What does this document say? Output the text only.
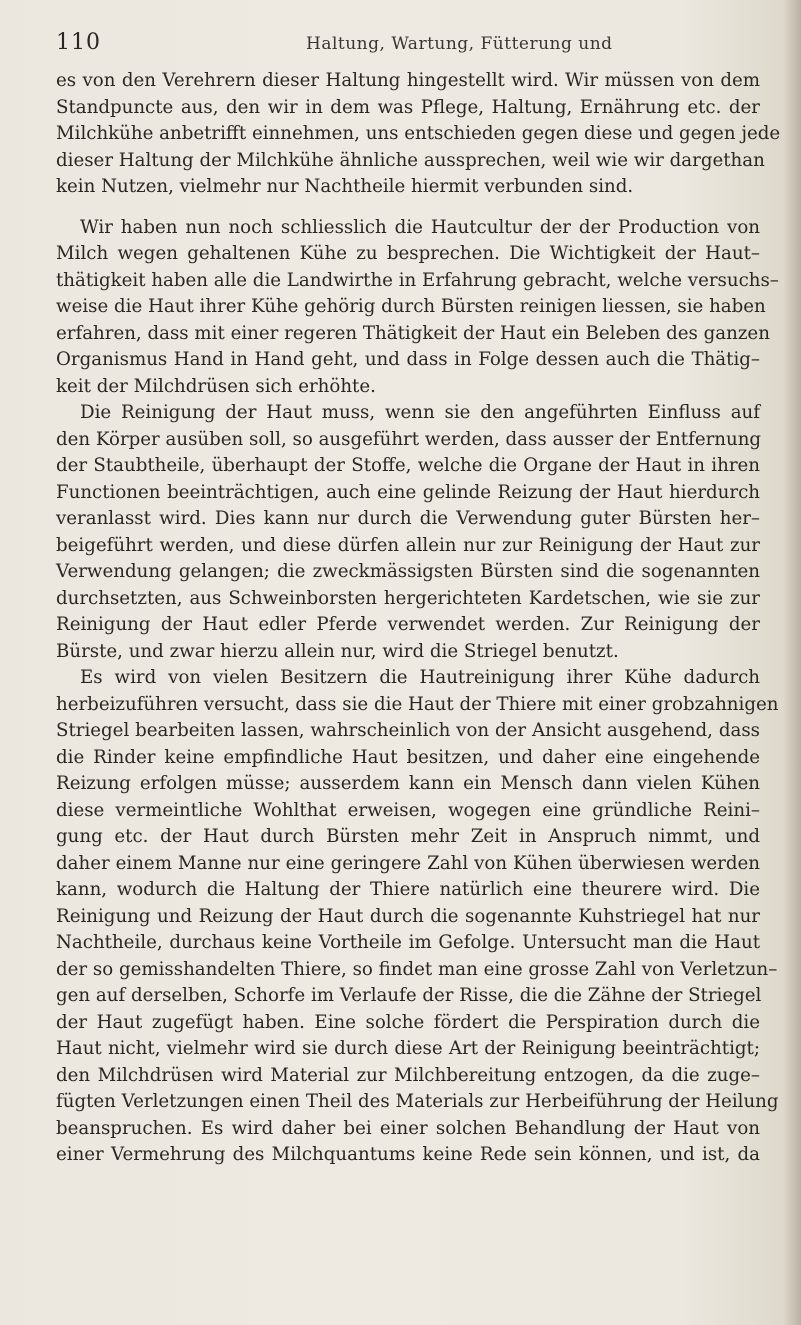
110	Haltung, Wartung, Fütterung und
es von den Verehrern dieser Haltung hingestellt wird. Wir müssen von dem
Standpuncte aus, den wir in dem was Pflege, Haltung, Ernährung etc. der
Milchkühe anbetrifft einnehmen, uns entschieden gegen diese und gegen jede
dieser Haltung der Milchkühe ähnliche aussprechen, weil wie wir dargethan
kein Nutzen, vielmehr nur Nachtheile hiermit verbunden sind.
Wir haben nun noch schliesslich die Hautcultur der der Production von
Milch wegen gehaltenen Kühe zu besprechen. Die Wichtigkeit der Haut–
thätigkeit haben alle die Landwirthe in Erfahrung gebracht, welche versuchs–
weise die Haut ihrer Kühe gehörig durch Bürsten reinigen liessen, sie haben
erfahren, dass mit einer regeren Thätigkeit der Haut ein Beleben des ganzen
Organismus Hand in Hand geht, und dass in Folge dessen auch die Thätig–
keit der Milchdrüsen sich erhöhte.
Die Reinigung der Haut muss, wenn sie den angeführten Einfluss auf
den Körper ausüben soll, so ausgeführt werden, dass ausser der Entfernung
der Staubtheile, überhaupt der Stoffe, welche die Organe der Haut in ihren
Functionen beeinträchtigen, auch eine gelinde Reizung der Haut hierdurch
veranlasst wird. Dies kann nur durch die Verwendung guter Bürsten her–
beigeführt werden, und diese dürfen allein nur zur Reinigung der Haut zur
Verwendung gelangen; die zweckmässigsten Bürsten sind die sogenannten
durchsetzten, aus Schweinborsten hergerichteten Kardetschen, wie sie zur
Reinigung der Haut edler Pferde verwendet werden. Zur Reinigung der
Bürste, und zwar hierzu allein nur, wird die Striegel benutzt.
Es wird von vielen Besitzern die Hautreinigung ihrer Kühe dadurch
herbeizuführen versucht, dass sie die Haut der Thiere mit einer grobzahnigen
Striegel bearbeiten lassen, wahrscheinlich von der Ansicht ausgehend, dass
die Rinder keine empfindliche Haut besitzen, und daher eine eingehende
Reizung erfolgen müsse; ausserdem kann ein Mensch dann vielen Kühen
diese vermeintliche Wohlthat erweisen, wogegen eine gründliche Reini–
gung etc. der Haut durch Bürsten mehr Zeit in Anspruch nimmt, und
daher einem Manne nur eine geringere Zahl von Kühen überwiesen werden
kann, wodurch die Haltung der Thiere natürlich eine theurere wird. Die
Reinigung und Reizung der Haut durch die sogenannte Kuhstriegel hat nur
Nachtheile, durchaus keine Vortheile im Gefolge. Untersucht man die Haut
der so gemisshandelten Thiere, so findet man eine grosse Zahl von Verletzun–
gen auf derselben, Schorfe im Verlaufe der Risse, die die Zähne der Striegel
der Haut zugefügt haben. Eine solche fördert die Perspiration durch die
Haut nicht, vielmehr wird sie durch diese Art der Reinigung beeinträchtigt;
den Milchdrüsen wird Material zur Milchbereitung entzogen, da die zuge–
fügten Verletzungen einen Theil des Materials zur Herbeiführung der Heilung
beanspruchen. Es wird daher bei einer solchen Behandlung der Haut von
einer Vermehrung des Milchquantums keine Rede sein können, und ist, da
